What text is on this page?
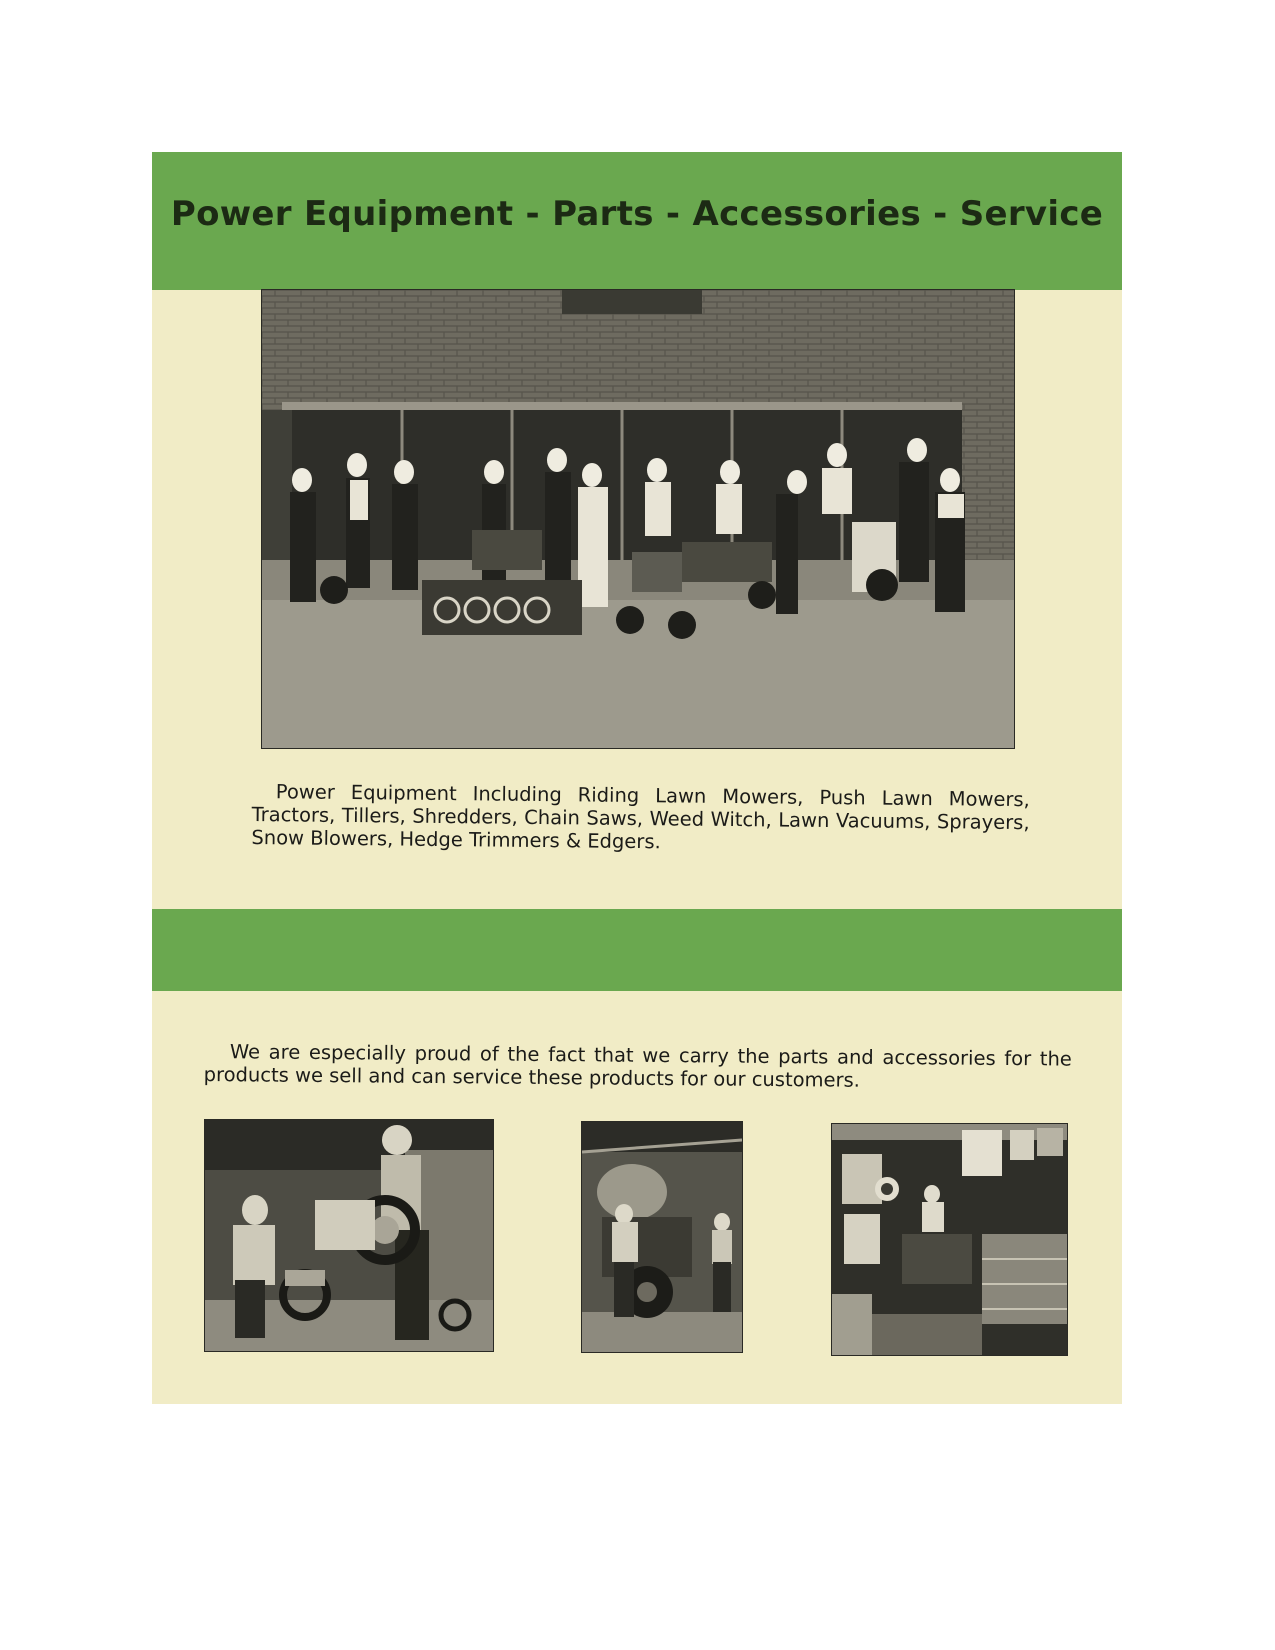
Power Equipment - Parts - Accessories - Service
Power Equipment Including Riding Lawn Mowers, Push Lawn Mowers, Tractors, Tillers, Shredders, Chain Saws, Weed Witch, Lawn Vacuums, Sprayers, Snow Blowers, Hedge Trimmers & Edgers.
We are especially proud of the fact that we carry the parts and accessories for the products we sell and can service these products for our customers.
